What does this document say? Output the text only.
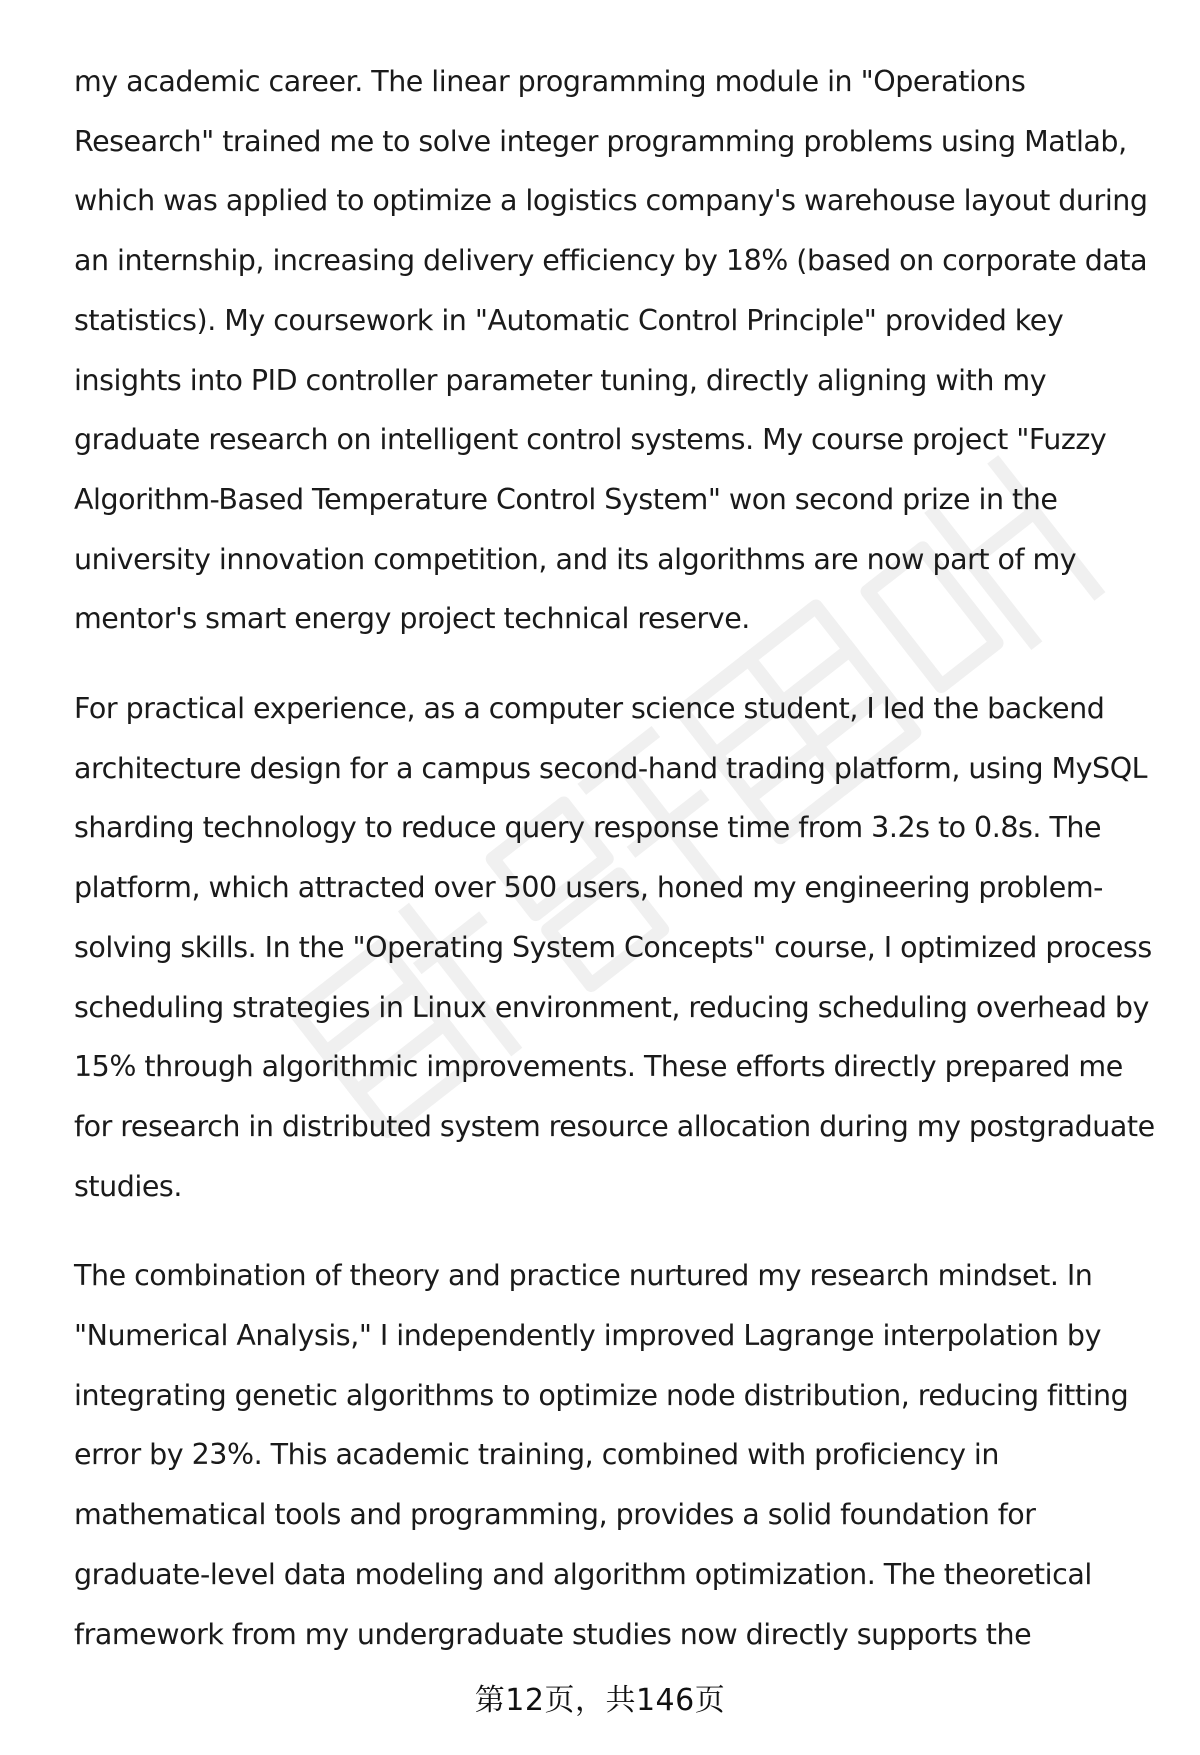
my academic career. The linear programming module in "Operations Research" trained me to solve integer programming problems using Matlab, which was applied to optimize a logistics company's warehouse layout during an internship, increasing delivery efficiency by 18% (based on corporate data statistics). My coursework in "Automatic Control Principle" provided key insights into PID controller parameter tuning, directly aligning with my graduate research on intelligent control systems. My course project "Fuzzy Algorithm-Based Temperature Control System" won second prize in the university innovation competition, and its algorithms are now part of my mentor's smart energy project technical reserve.

For practical experience, as a computer science student, I led the backend architecture design for a campus second-hand trading platform, using MySQL sharding technology to reduce query response time from 3.2s to 0.8s. The platform, which attracted over 500 users, honed my engineering problem-solving skills. In the "Operating System Concepts" course, I optimized process scheduling strategies in Linux environment, reducing scheduling overhead by 15% through algorithmic improvements. These efforts directly prepared me for research in distributed system resource allocation during my postgraduate studies.

The combination of theory and practice nurtured my research mindset. In "Numerical Analysis," I independently improved Lagrange interpolation by integrating genetic algorithms to optimize node distribution, reducing fitting error by 23%. This academic training, combined with proficiency in mathematical tools and programming, provides a solid foundation for graduate-level data modeling and algorithm optimization. The theoretical framework from my undergraduate studies now directly supports the

第12页，共146页
